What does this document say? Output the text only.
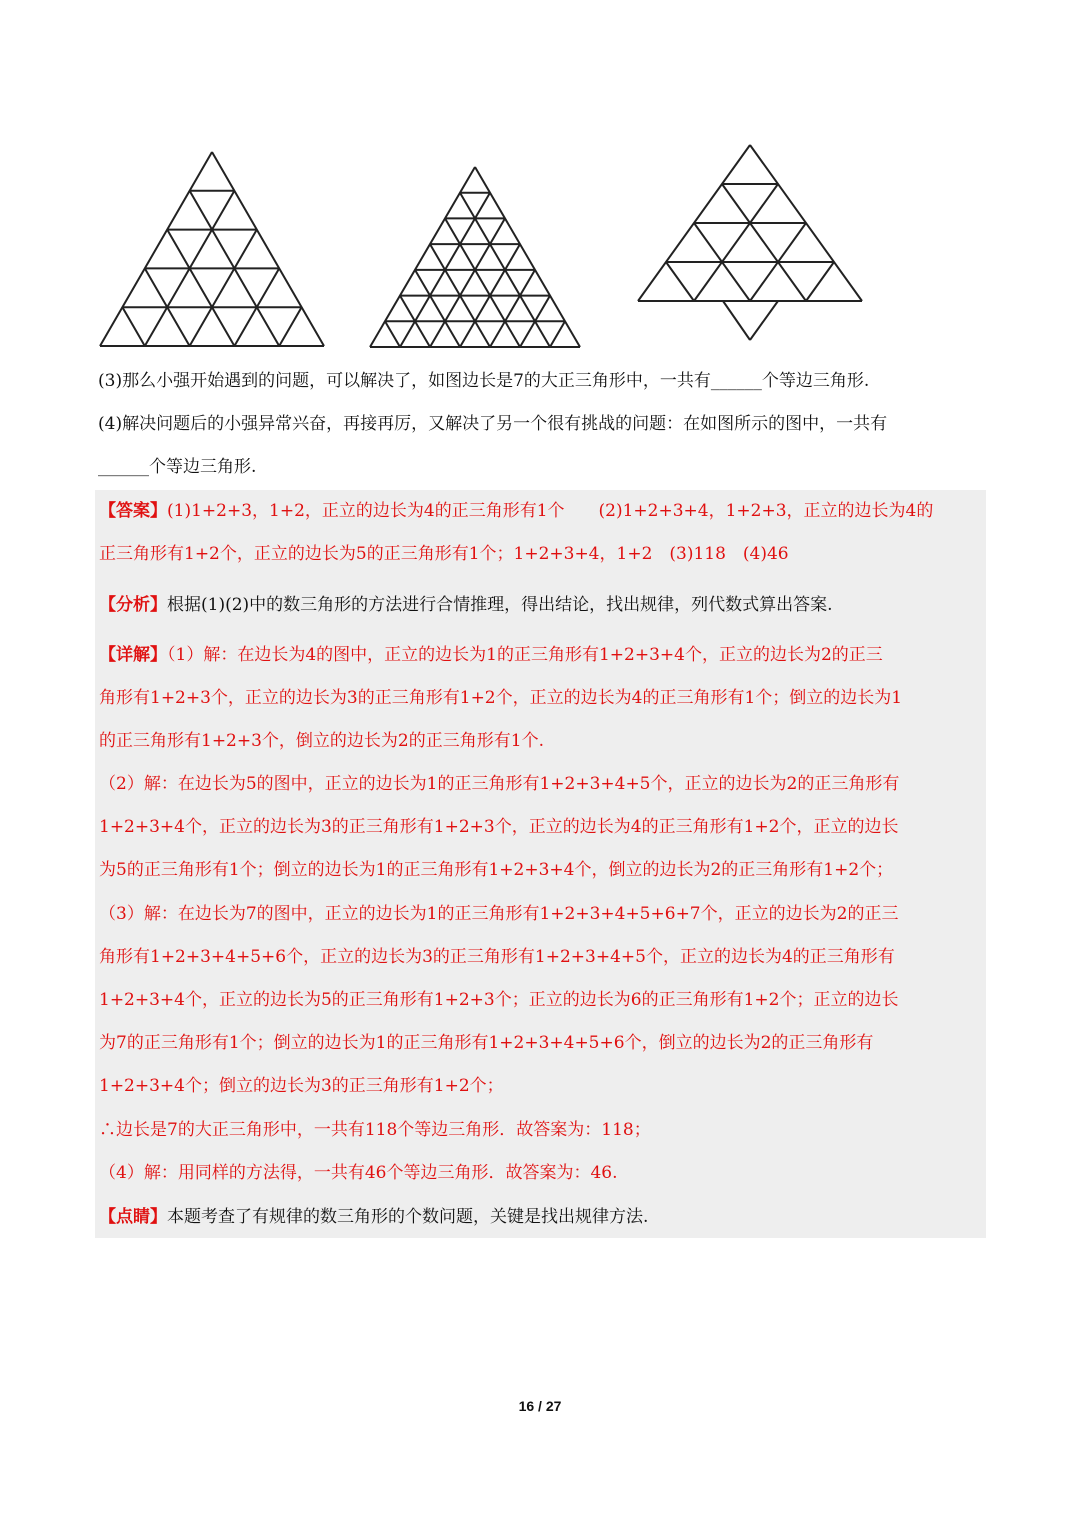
(3)那么小强开始遇到的问题，可以解决了，如图边长是7的大正三角形中，一共有______个等边三角形.
(4)解决问题后的小强异常兴奋，再接再厉，又解决了另一个很有挑战的问题：在如图所示的图中，一共有
______个等边三角形.
【答案】(1)1+2+3，1+2，正立的边长为4的正三角形有1个　　(2)1+2+3+4，1+2+3，正立的边长为4的
正三角形有1+2个，正立的边长为5的正三角形有1个；1+2+3+4，1+2　(3)118　(4)46
【分析】根据(1)(2)中的数三角形的方法进行合情推理，得出结论，找出规律，列代数式算出答案.
【详解】（1）解：在边长为4的图中，正立的边长为1的正三角形有1+2+3+4个，正立的边长为2的正三
角形有1+2+3个，正立的边长为3的正三角形有1+2个，正立的边长为4的正三角形有1个；倒立的边长为1
的正三角形有1+2+3个，倒立的边长为2的正三角形有1个.
（2）解：在边长为5的图中，正立的边长为1的正三角形有1+2+3+4+5个，正立的边长为2的正三角形有
1+2+3+4个，正立的边长为3的正三角形有1+2+3个，正立的边长为4的正三角形有1+2个，正立的边长
为5的正三角形有1个；倒立的边长为1的正三角形有1+2+3+4个，倒立的边长为2的正三角形有1+2个；
（3）解：在边长为7的图中，正立的边长为1的正三角形有1+2+3+4+5+6+7个，正立的边长为2的正三
角形有1+2+3+4+5+6个，正立的边长为3的正三角形有1+2+3+4+5个，正立的边长为4的正三角形有
1+2+3+4个，正立的边长为5的正三角形有1+2+3个；正立的边长为6的正三角形有1+2个；正立的边长
为7的正三角形有1个；倒立的边长为1的正三角形有1+2+3+4+5+6个，倒立的边长为2的正三角形有
1+2+3+4个；倒立的边长为3的正三角形有1+2个；
∴边长是7的大正三角形中，一共有118个等边三角形．故答案为：118；
（4）解：用同样的方法得，一共有46个等边三角形．故答案为：46.
【点睛】本题考查了有规律的数三角形的个数问题，关键是找出规律方法.
16 / 27
